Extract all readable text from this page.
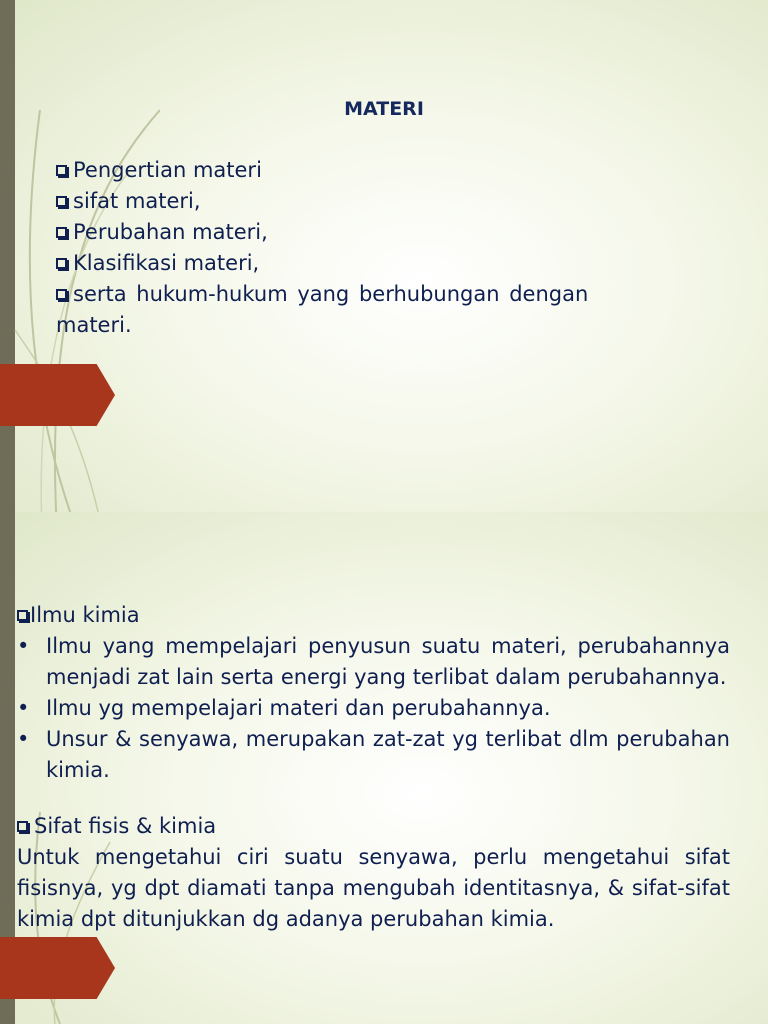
MATERI
Pengertian materi
sifat materi,
Perubahan materi,
Klasifikasi materi,
serta hukum-hukum yang berhubungan dengan
materi.
Ilmu kimia
• Ilmu yang mempelajari penyusun suatu materi, perubahannya menjadi zat lain serta energi yang terlibat dalam perubahannya.
• Ilmu yg mempelajari materi dan perubahannya.
• Unsur & senyawa, merupakan zat-zat yg terlibat dlm perubahan kimia.
Sifat fisis & kimia
Untuk mengetahui ciri suatu senyawa, perlu mengetahui sifat fisisnya, yg dpt diamati tanpa mengubah identitasnya, & sifat-sifat kimia dpt ditunjukkan dg adanya perubahan kimia.
